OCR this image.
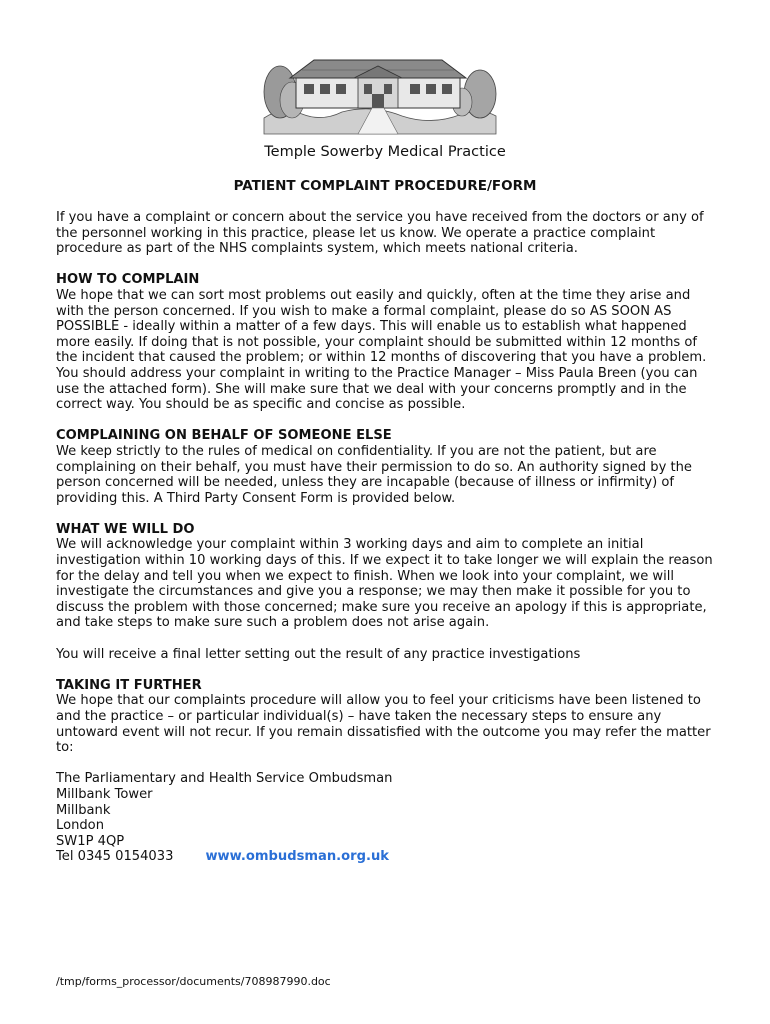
Temple Sowerby Medical Practice
PATIENT COMPLAINT PROCEDURE/FORM

If you have a complaint or concern about the service you have received from the doctors or any of the personnel working in this practice, please let us know. We operate a practice complaint procedure as part of the NHS complaints system, which meets national criteria.

HOW TO COMPLAIN
We hope that we can sort most problems out easily and quickly, often at the time they arise and with the person concerned. If you wish to make a formal complaint, please do so AS SOON AS POSSIBLE - ideally within a matter of a few days. This will enable us to establish what happened more easily. If doing that is not possible, your complaint should be submitted within 12 months of the incident that caused the problem; or within 12 months of discovering that you have a problem. You should address your complaint in writing to the Practice Manager – Miss Paula Breen (you can use the attached form). She will make sure that we deal with your concerns promptly and in the correct way. You should be as specific and concise as possible.

COMPLAINING ON BEHALF OF SOMEONE ELSE
We keep strictly to the rules of medical on confidentiality. If you are not the patient, but are complaining on their behalf, you must have their permission to do so. An authority signed by the person concerned will be needed, unless they are incapable (because of illness or infirmity) of providing this. A Third Party Consent Form is provided below.

WHAT WE WILL DO
We will acknowledge your complaint within 3 working days and aim to complete an initial investigation within 10 working days of this. If we expect it to take longer we will explain the reason for the delay and tell you when we expect to finish. When we look into your complaint, we will investigate the circumstances and give you a response; we may then make it possible for you to discuss the problem with those concerned; make sure you receive an apology if this is appropriate, and take steps to make sure such a problem does not arise again.

You will receive a final letter setting out the result of any practice investigations

TAKING IT FURTHER
We hope that our complaints procedure will allow you to feel your criticisms have been listened to and the practice – or particular individual(s) – have taken the necessary steps to ensure any untoward event will not recur. If you remain dissatisfied with the outcome you may refer the matter to:

The Parliamentary and Health Service Ombudsman
Millbank Tower
Millbank
London
SW1P 4QP
Tel 0345 0154033 www.ombudsman.org.uk
/tmp/forms_processor/documents/708987990.doc
